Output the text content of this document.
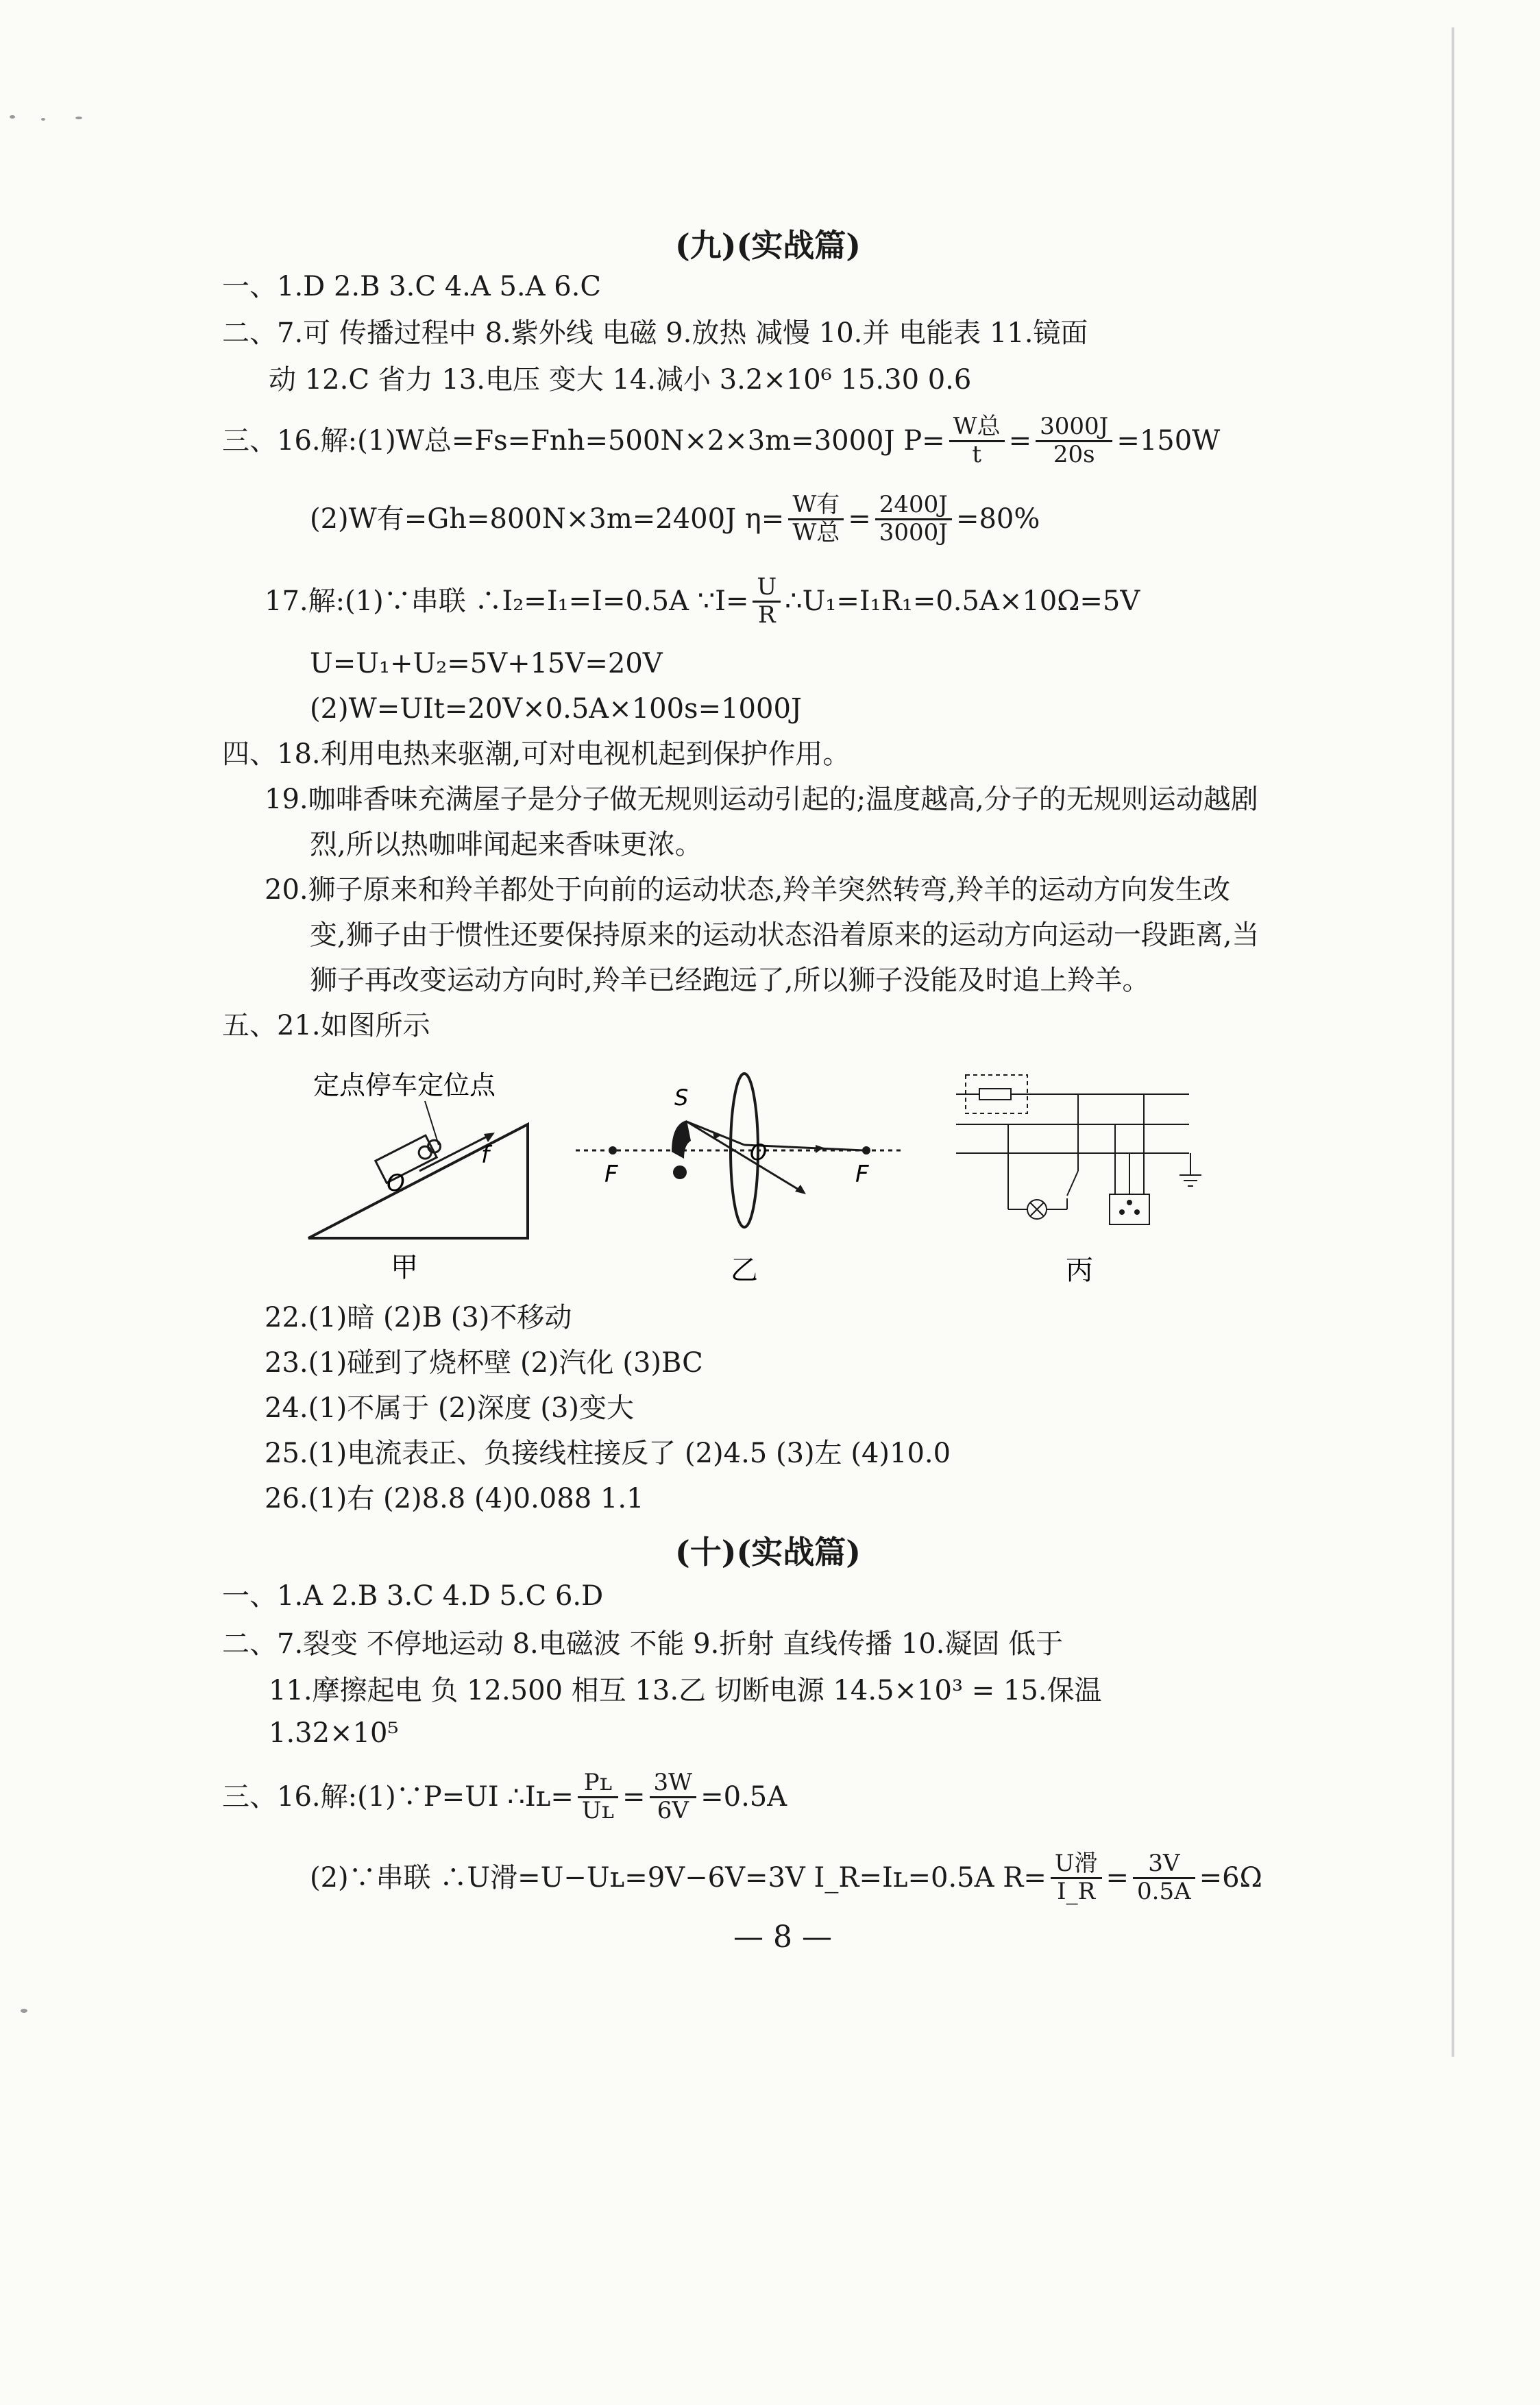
(九)(实战篇)
一、1.D 2.B 3.C 4.A 5.A 6.C
二、7.可 传播过程中 8.紫外线 电磁 9.放热 减慢 10.并 电能表 11.镜面
动 12.C 省力 13.电压 变大 14.减小 3.2×10⁶ 15.30 0.6
三、16.解:(1)W总=Fs=Fnh=500N×2×3m=3000J $P= \frac{\text{W总}}{t} = \frac{3000J}{20s} =150W$
(2)W有=Gh=800N×3m=2400J $\eta= \frac{\text{W有}}{\text{W总}} = \frac{2400J}{3000J} =80\%$
17.解:(1)∵串联 ∴I₂=I₁=I=0.5A ∵I= $\frac{U}{R}$ ∴U₁=I₁R₁=0.5A×10Ω=5V
U=U₁+U₂=5V+15V=20V
(2)W=UIt=20V×0.5A×100s=1000J
四、18.利用电热来驱潮,可对电视机起到保护作用。
19.咖啡香味充满屋子是分子做无规则运动引起的;温度越高,分子的无规则运动越剧
烈,所以热咖啡闻起来香味更浓。
20.狮子原来和羚羊都处于向前的运动状态,羚羊突然转弯,羚羊的运动方向发生改
变,狮子由于惯性还要保持原来的运动状态沿着原来的运动方向运动一段距离,当
狮子再改变运动方向时,羚羊已经跑远了,所以狮子没能及时追上羚羊。
五、21.如图所示
定点停车定位点
O
f
甲
F	F
S
O
乙	丙
22.(1)暗 (2)B (3)不移动
23.(1)碰到了烧杯壁 (2)汽化 (3)BC
24.(1)不属于 (2)深度 (3)变大
25.(1)电流表正、负接线柱接反了 (2)4.5 (3)左 (4)10.0
26.(1)右 (2)8.8 (4)0.088 1.1
(十)(实战篇)
一、1.A 2.B 3.C 4.D 5.C 6.D
二、7.裂变 不停地运动 8.电磁波 不能 9.折射 直线传播 10.凝固 低于
11.摩擦起电 负 12.500 相互 13.乙 切断电源 14.5×10³ = 15.保温
1.32×10⁵
三、16.解:(1)∵P=UI ∴Iʟ= $\frac{\text{Pʟ}}{\text{Uʟ}} = \frac{3W}{6V} =0.5A$
(2)∵串联 ∴U滑=U−Uʟ=9V−6V=3V I_R=Iʟ=0.5A $R= \frac{\text{U滑}}{I\_R} = \frac{3V}{0.5A} =6\Omega$
— 8 —
